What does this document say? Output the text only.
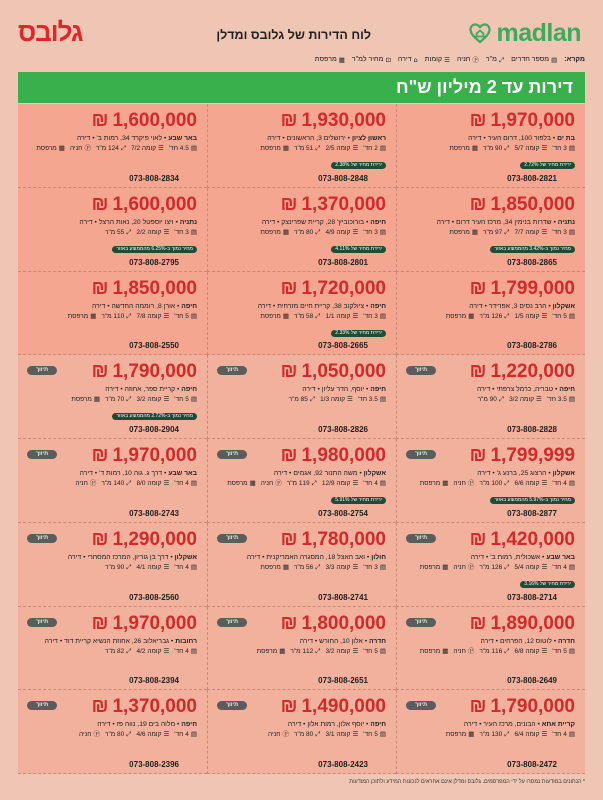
גלובס	לוח הדירות של גלובס ומדלן	madlan
מקרא:
▤
מספר חדרים
⤢
מ"ר
Ⓟ
חניה
☰
קומות
⌂
דירה
⊡
מחיר למ"ר
▦
מרפסת
דירות עד 2 מיליון ש"ח
₪ 1,970,000
בת ים • בלפור 100, דרום העיר • דירה
▤
3 חד'
☰
קומה 5/7
⤢
90 מ"ר
▦
מרפסת
ירידת מחיר של 2.72%
073-808-2821
₪ 1,930,000
ראשון לציון • ירושלים 3, הראשונים • דירה
▤
2 חד'
☰
קומה 2/5
⤢
51 מ"ר
▦
מרפסת
ירידת מחיר של 2.38%
073-808-2848
₪ 1,600,000
באר שבע • לאוי פיקרד 34, רמות ב' • דירה
▤
4.5 חד'
☰
קומה 7/2
⤢
124 מ"ר
Ⓟ
חניה
▦
מרפסת
073-808-2834
₪ 1,850,000
נתניה • שדרות בנימין 34, מרכז העיר דרום • דירה
▤
3 חד'
☰
קומה 7/7
⤢
97 מ"ר
▦
מרפסת
מחיר נמוך ב-3.42% מהממוצע באזור
073-808-2865
₪ 1,370,000
חיפה • בורוכוביץ' 28, קריית שפרינצק • דירה
▤
3 חד'
☰
קומה 4/9
⤢
80 מ"ר
▦
מרפסת
ירידת מחיר של 4.11%
073-808-2801
₪ 1,600,000
נתניה • ויצו יוספטל 20, נאות הרצל • דירה
▤
3 חד'
☰
קומה 2/2
⤢
55 מ"ר
מחיר נמוך ב-6.25% מהממוצע באזור
073-808-2795
₪ 1,799,000
אשקלון • הרב נסים 3, אפרידר • דירה
▤
5 חד'
☰
קומה 1/5
⤢
126 מ"ר
▦
מרפסת
073-808-2786
₪ 1,720,000
חיפה • ציולקוב 38, קריית חיים מזרחית • דירה
▤
3 חד'
☰
קומה 1/1
⤢
58 מ"ר
▦
מרפסת
ירידת מחיר של 2.33%
073-808-2665
₪ 1,850,000
חיפה • אורן 8, רוממה החדשה • דירה
▤
5 חד'
☰
קומה 7/8
⤢
110 מ"ר
▦
מרפסת
073-808-2550
₪ 1,220,000
תיווך
חיפה • טבריה, כרמל צרפתי • דירה
▤
3.5 חד'
☰
קומה 3/2
⤢
90 מ"ר
073-808-2828
₪ 1,050,000
תיווך
חיפה • יוסף, הדר עליון • דירה
▤
3.5 חד'
☰
קומה 1/3
⤢
85 מ"ר
073-808-2826
₪ 1,790,000
תיווך
חיפה • קריית ספר, אחוזה • דירה
▤
5 חד'
☰
קומה 3/2
⤢
70 מ"ר
▦
מרפסת
מחיר נמוך ב-2.72% מהממוצע באזור
073-808-2904
₪ 1,799,999
תיווך
אשקלון • הרצוג 25, ברנע ג' • דירה
▤
4 חד'
☰
קומה 6/6
⤢
100 מ"ר
Ⓟ
חניה
▦
מרפסת
מחיר נמוך ב-5.97% מהממוצע באזור
073-808-2877
₪ 1,980,000
תיווך
אשקלון • משה התנור 92, אגמים • דירה
▤
4 חד'
☰
קומה 12/9
⤢
119 מ"ר
Ⓟ
חניה
▦
מרפסת
ירידת מחיר של 5.91%
073-808-2754
₪ 1,970,000
תיווך
באר שבע • דרך ג. גוה 10, רמות ד' • דירה
▤
4 חד'
☰
קומה 8/0
⤢
140 מ"ר
Ⓟ
חניה
073-808-2743
₪ 1,420,000
תיווך
באר שבע • אשכולית, רמות ב' • דירה
▤
4 חד'
☰
קומה 5/4
⤢
126 מ"ר
Ⓟ
חניה
▦
מרפסת
ירידת מחיר של 3.16%
073-808-2714
₪ 1,780,000
תיווך
חולון • ואב האצל 18, המסגרה האמריקנית • דירה
▤
3 חד'
☰
קומה 3/3
⤢
56 מ"ר
▦
מרפסת
073-808-2741
₪ 1,290,000
תיווך
אשקלון • דרך בן גוריון, המרכז המסחרי • דירה
▤
4 חד'
☰
קומה 4/1
⤢
90 מ"ר
073-808-2560
₪ 1,890,000
תיווך
חדרה • לוטוס 12, הפרחים • דירה
▤
5 חד'
☰
קומה 6/8
⤢
116 מ"ר
Ⓟ
חניה
▦
מרפסת
073-808-2649
₪ 1,800,000
תיווך
חדרה • אלון 10, החורש • דירה
▤
5 חד'
☰
קומה 3/2
⤢
112 מ"ר
▦
מרפסת
073-808-2651
₪ 1,970,000
תיווך
רחובות • גבריאלוב 26, אחוזת הנשיא קריית דוד • דירה
▤
4 חד'
☰
קומה 4/2
⤢
82 מ"ר
073-808-2394
₪ 1,790,000
תיווך
קריית אתא • הבונים, מרכז העיר • דירה
▤
4 חד'
☰
קומה 6/4
⤢
130 מ"ר
▦
מרפסת
073-808-2472
₪ 1,490,000
תיווך
חיפה • יוסף אלון, רמות אלון • דירה
▤
5 חד'
☰
קומה 3/1
⤢
80 מ"ר
Ⓟ
חניה
073-808-2423
₪ 1,370,000
תיווך
חיפה • מלוה בים 19, נווה פז • דירה
▤
4 חד'
☰
קומה 4/6
⤢
80 מ"ר
Ⓟ
חניה
073-808-2396
* הנתונים במודעות נמסרו על ידי המפרסמים. גלובס ומדלן אינם אחראים לנכונות המידע ולתוכן המודעות
